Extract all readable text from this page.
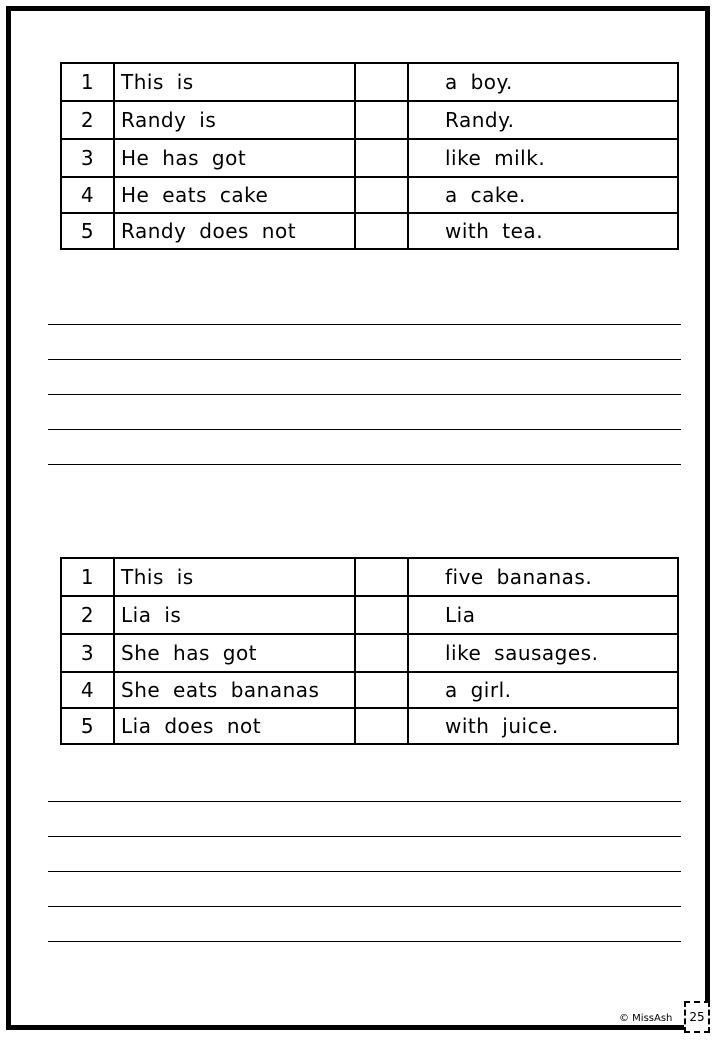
1	This is		a boy.
2	Randy is		Randy.
3	He has got		like milk.
4	He eats cake		a cake.
5	Randy does not		with tea.
1	This is		five bananas.
2	Lia is		Lia
3	She has got		like sausages.
4	She eats bananas		a girl.
5	Lia does not		with juice.
© MissAsh	25
